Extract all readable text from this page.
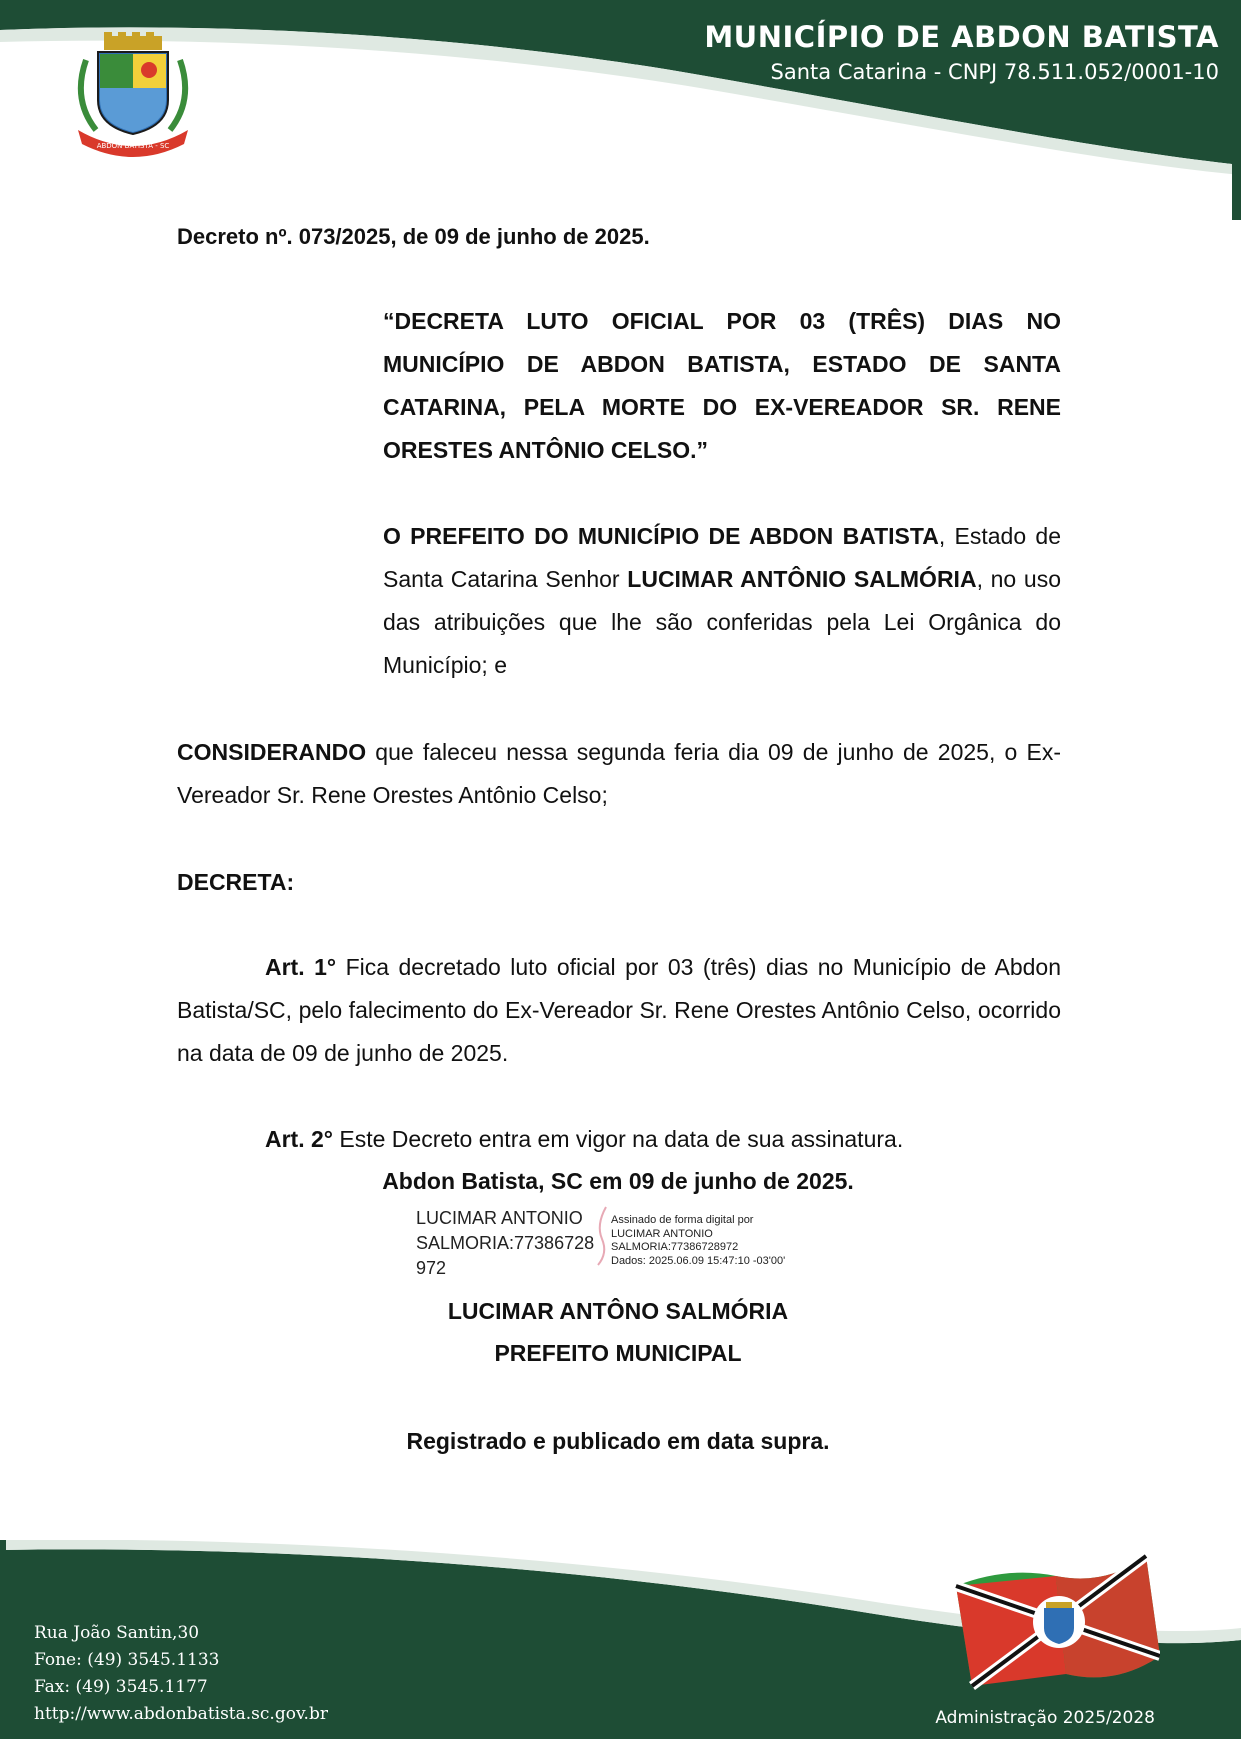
MUNICÍPIO DE ABDON BATISTA
Santa Catarina - CNPJ 78.511.052/0001-10
ABDON BATISTA - SC
Decreto nº. 073/2025, de 09 de junho de 2025.
“DECRETA LUTO OFICIAL POR 03 (TRÊS) DIAS NO MUNICÍPIO DE ABDON BATISTA, ESTADO DE SANTA CATARINA, PELA MORTE DO EX-VEREADOR SR. RENE ORESTES ANTÔNIO CELSO.”
O PREFEITO DO MUNICÍPIO DE ABDON BATISTA, Estado de Santa Catarina Senhor LUCIMAR ANTÔNIO SALMÓRIA, no uso das atribuições que lhe são conferidas pela Lei Orgânica do Município; e
CONSIDERANDO que faleceu nessa segunda feria dia 09 de junho de 2025, o Ex-Vereador Sr. Rene Orestes Antônio Celso;
DECRETA:
Art. 1° Fica decretado luto oficial por 03 (três) dias no Município de Abdon Batista/SC, pelo falecimento do Ex-Vereador Sr. Rene Orestes Antônio Celso, ocorrido na data de 09 de junho de 2025.
Art. 2° Este Decreto entra em vigor na data de sua assinatura.
Abdon Batista, SC em 09 de junho de 2025.
LUCIMAR ANTONIO
SALMORIA:77386728
972
Assinado de forma digital por
LUCIMAR ANTONIO
SALMORIA:77386728972
Dados: 2025.06.09 15:47:10 -03'00'
LUCIMAR ANTÔNO SALMÓRIA
PREFEITO MUNICIPAL
Registrado e publicado em data supra.
Rua João Santin,30
Fone: (49) 3545.1133
Fax: (49) 3545.1177
http://www.abdonbatista.sc.gov.br	Administração 2025/2028
